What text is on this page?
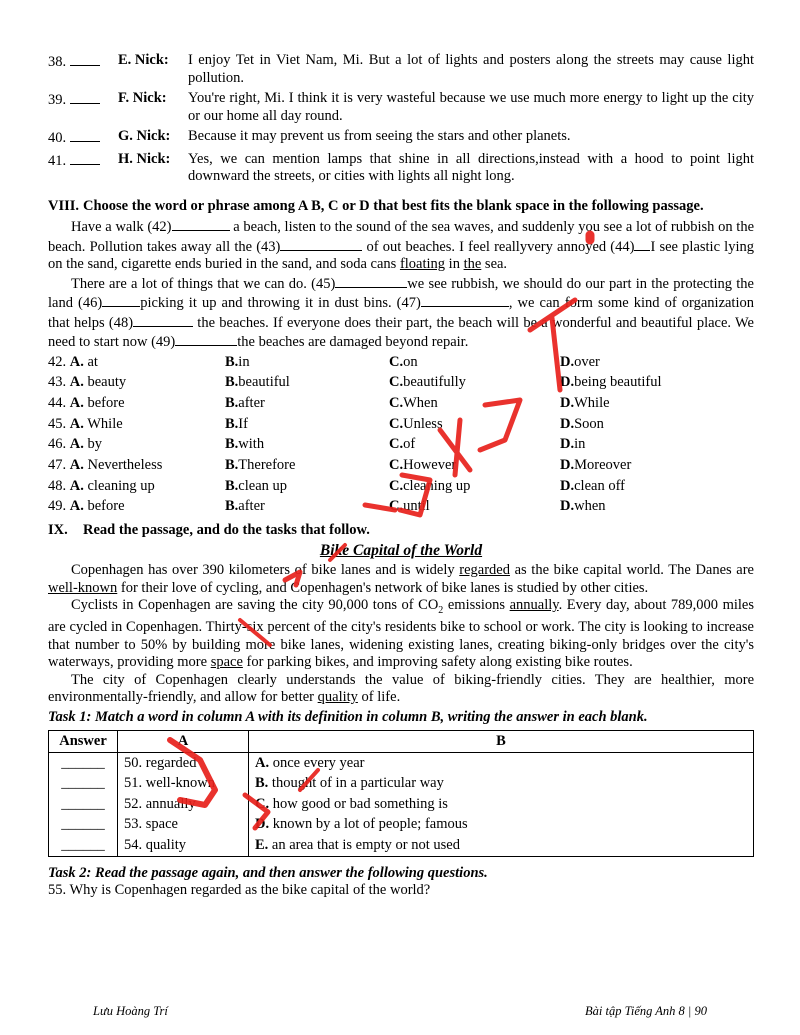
38.	E. Nick:	I enjoy Tet in Viet Nam, Mi. But a lot of lights and posters along the streets may cause light pollution.
39.	F. Nick:	You're right, Mi. I think it is very wasteful because we use much more energy to light up the city or our home all day round.
40.	G. Nick:	Because it may prevent us from seeing the stars and other planets.
41.	H. Nick:	Yes, we can mention lamps that shine in all directions,instead with a hood to point light downward the streets, or cities with lights all night long.
VIII. Choose the word or phrase among A B, C or D that best fits the blank space in the following passage.
Have a walk (42)	a beach, listen to the sound of the sea waves, and suddenly you see a lot of rubbish on the beach. Pollution takes away all the (43)	of out beaches. I feel reallyvery annoyed (44) I see plastic lying on the sand, cigarette ends buried in the sand, and soda cans floating in the sea.
There are a lot of things that we can do. (45)	we see rubbish, we should do our part in the protecting the land (46)	picking it up and throwing it in dust bins. (47)	, we can form some kind of organization that helps (48)	the beaches. If everyone does their part, the beach will be a wonderful and beautiful place. We need to start now (49)	the beaches are damaged beyond repair.
42. A. at	B.in	C.on	D.over
43. A. beauty	B.beautiful	C.beautifully	D.being beautiful
44. A. before	B.after	C.When	D.While
45. A. While	B.If	C.Unless	D.Soon
46. A. by	B.with	C.of	D.in
47. A. Nevertheless	B.Therefore	C.However	D.Moreover
48. A. cleaning up	B.clean up	C.cleaning up	D.clean off
49. A. before	B.after	C.until	D.when
IX.	Read the passage, and do the tasks that follow.
Bike Capital of the World
Copenhagen has over 390 kilometers of bike lanes and is widely regarded as the bike capital world. The Danes are well-known for their love of cycling, and Copenhagen's network of bike lanes is studied by other cities.
Cyclists in Copenhagen are saving the city 90,000 tons of $CO_2$ emissions annually. Every day, about 789,000 miles are cycled in Copenhagen. Thirty-six percent of the city's residents bike to school or work. The city is looking to increase that number to 50% by building more bike lanes, widening existing lanes, creating biking-only bridges over the city's waterways, providing more space for parking bikes, and improving safety along existing bike routes.
The city of Copenhagen clearly understands the value of biking-friendly cities. They are healthier, more environmentally-friendly, and allow for better quality of life.
Task 1: Match a word in column A with its definition in column B, writing the answer in each blank.
Answer	A	B
______	50. regarded	A. once every year
______	51. well-known	B. thought of in a particular way
______	52. annually	C. how good or bad something is
______	53. space	D. known by a lot of people; famous
______	54. quality	E. an area that is empty or not used
Task 2: Read the passage again, and then answer the following questions.
55. Why is Copenhagen regarded as the bike capital of the world?
Lưu Hoàng Trí	Bài tập Tiếng Anh 8 | 90
